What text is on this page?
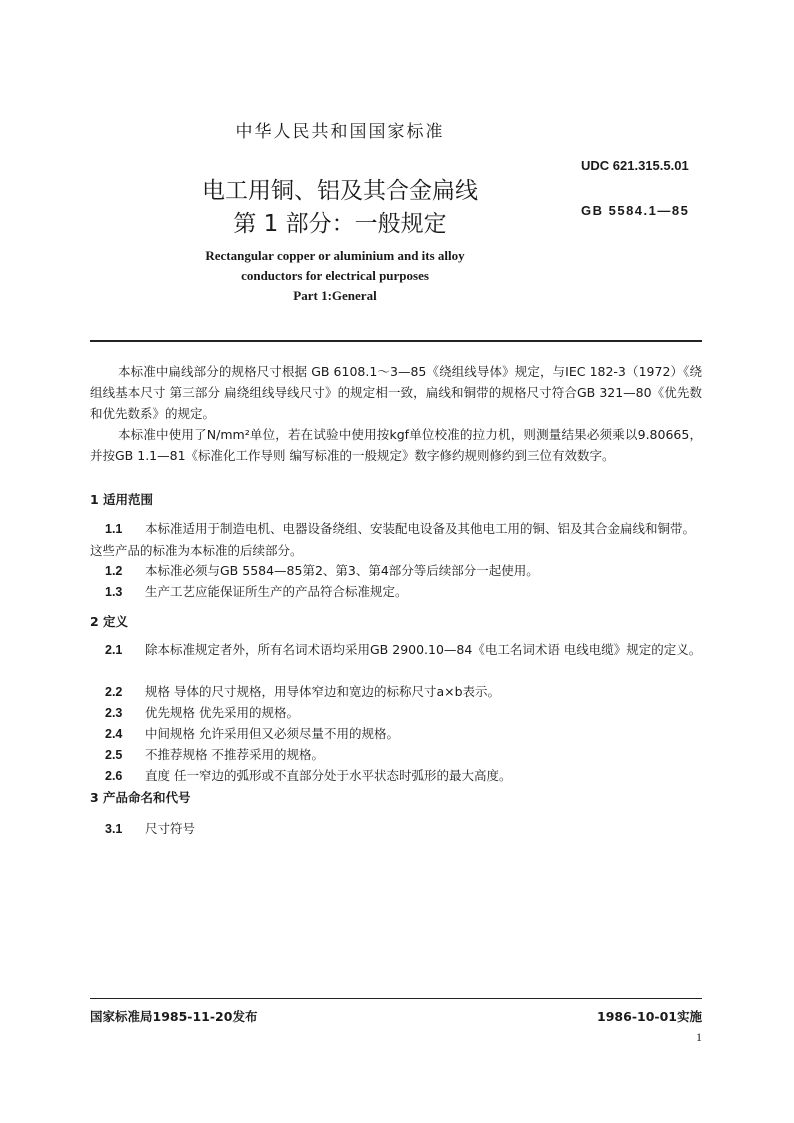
中华人民共和国国家标准
UDC 621.315.5.01
GB 5584.1—85
电工用铜、铝及其合金扁线
第 1 部分：一般规定
Rectangular copper or aluminium and its alloy
conductors for electrical purposes
Part 1:General
本标准中扁线部分的规格尺寸根据 GB 6108.1～3—85《绕组线导体》规定，与IEC 182-3（1972）《绕组线基本尺寸 第三部分 扁绕组线导线尺寸》的规定相一致，扁线和铜带的规格尺寸符合GB 321—80《优先数和优先数系》的规定。
本标准中使用了N/mm²单位，若在试验中使用按kgf单位校准的拉力机，则测量结果必须乘以9.80665，并按GB 1.1—81《标准化工作导则 编写标准的一般规定》数字修约规则修约到三位有效数字。
1 适用范围
1.1 本标准适用于制造电机、电器设备绕组、安装配电设备及其他电工用的铜、铝及其合金扁线和铜带。这些产品的标准为本标准的后续部分。
1.2 本标准必须与GB 5584—85第2、第3、第4部分等后续部分一起使用。
1.3 生产工艺应能保证所生产的产品符合标准规定。
2 定义
2.1 除本标准规定者外，所有名词术语均采用GB 2900.10—84《电工名词术语 电线电缆》规定的定义。
2.2 规格 导体的尺寸规格，用导体窄边和宽边的标称尺寸a×b表示。
2.3 优先规格 优先采用的规格。
2.4 中间规格 允许采用但又必须尽量不用的规格。
2.5 不推荐规格 不推荐采用的规格。
2.6 直度 任一窄边的弧形或不直部分处于水平状态时弧形的最大高度。
3 产品命名和代号
3.1 尺寸符号
国家标准局1985-11-20发布	1986-10-01实施
1
